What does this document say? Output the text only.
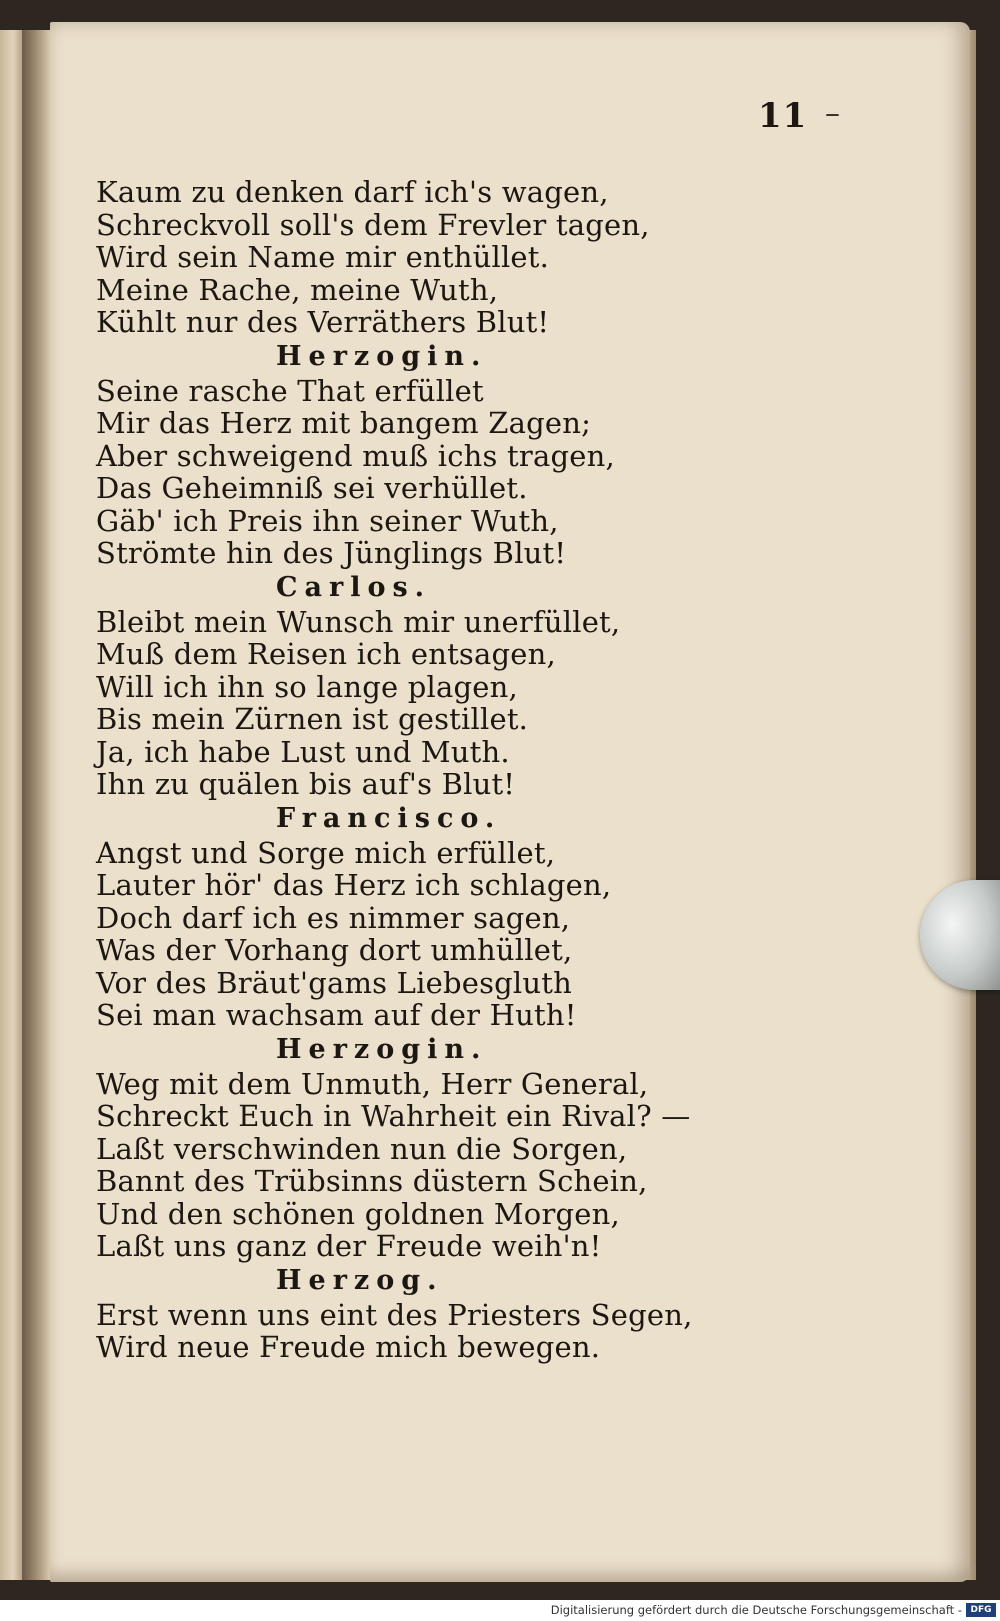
11 –
Kaum zu denken darf ich's wagen,
Schreckvoll soll's dem Frevler tagen,
Wird sein Name mir enthüllet.
Meine Rache, meine Wuth,
Kühlt nur des Verräthers Blut!
Herzogin.
Seine rasche That erfüllet
Mir das Herz mit bangem Zagen;
Aber schweigend muß ichs tragen,
Das Geheimniß sei verhüllet.
Gäb' ich Preis ihn seiner Wuth,
Strömte hin des Jünglings Blut!
Carlos.
Bleibt mein Wunsch mir unerfüllet,
Muß dem Reisen ich entsagen,
Will ich ihn so lange plagen,
Bis mein Zürnen ist gestillet.
Ja, ich habe Lust und Muth.
Ihn zu quälen bis auf's Blut!
Francisco.
Angst und Sorge mich erfüllet,
Lauter hör' das Herz ich schlagen,
Doch darf ich es nimmer sagen,
Was der Vorhang dort umhüllet,
Vor des Bräut'gams Liebesgluth
Sei man wachsam auf der Huth!
Herzogin.
Weg mit dem Unmuth, Herr General,
Schreckt Euch in Wahrheit ein Rival? —
Laßt verschwinden nun die Sorgen,
Bannt des Trübsinns düstern Schein,
Und den schönen goldnen Morgen,
Laßt uns ganz der Freude weih'n!
Herzog.
Erst wenn uns eint des Priesters Segen,
Wird neue Freude mich bewegen.
Digitalisierung gefördert durch die Deutsche Forschungsgemeinschaft - DFG
